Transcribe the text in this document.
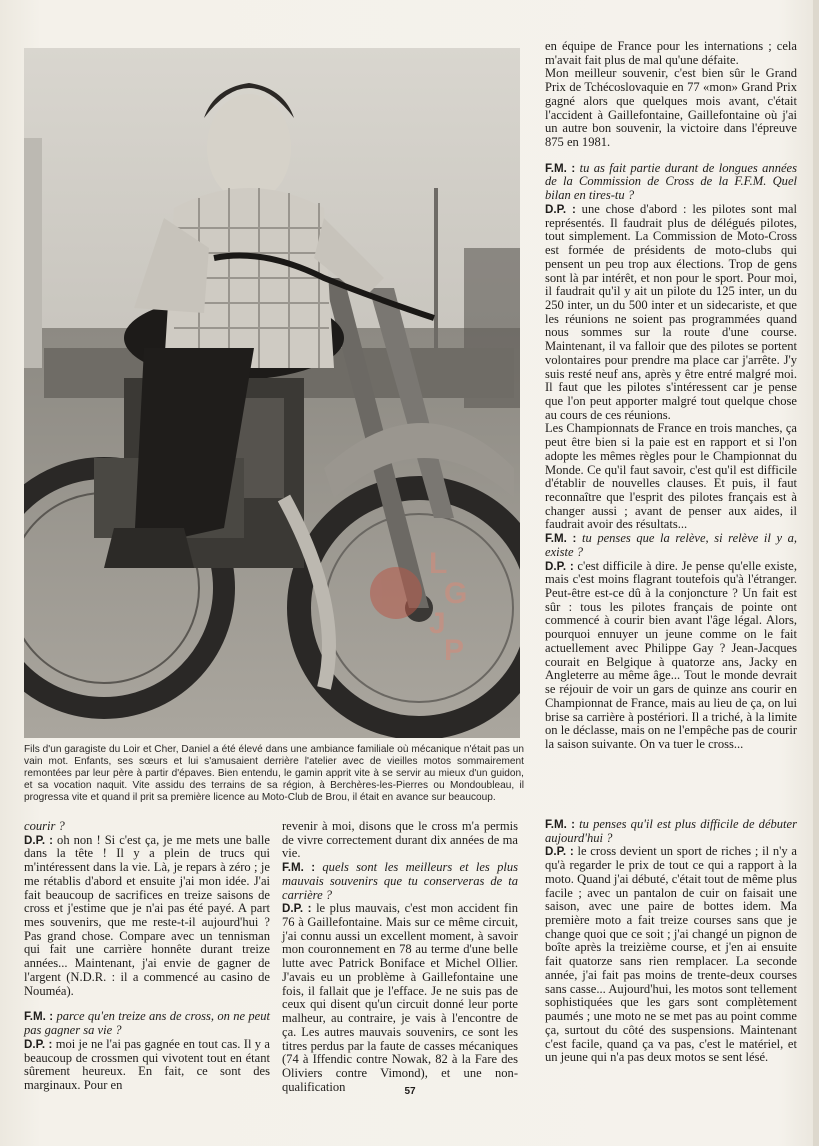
L
G
J
P
Fils d'un garagiste du Loir et Cher, Daniel a été élevé dans une ambiance familiale où mécanique n'était pas un vain mot. Enfants, ses sœurs et lui s'amusaient derrière l'atelier avec de vieilles motos sommairement remontées par leur père à partir d'épaves. Bien entendu, le gamin apprit vite à se servir au mieux d'un guidon, et sa vocation naquit. Vite assidu des terrains de sa région, à Berchères-les-Pierres ou Mondoubleau, il progressa vite et quand il prit sa première licence au Moto-Club de Brou, il était en avance sur beaucoup.

courir ?

D.P. : oh non ! Si c'est ça, je me mets une balle dans la tête ! Il y a plein de trucs qui m'intéressent dans la vie. Là, je repars à zéro ; je me rétablis d'abord et ensuite j'ai mon idée. J'ai fait beaucoup de sacrifices en treize saisons de cross et j'estime que je n'ai pas été payé. A part mes souvenirs, que me reste-t-il aujourd'hui ? Pas grand chose. Compare avec un tennisman qui fait une carrière honnête durant treize années... Maintenant, j'ai envie de gagner de l'argent (N.D.R. : il a commencé au casino de Nouméa).

F.M. : parce qu'en treize ans de cross, on ne peut pas gagner sa vie ?

D.P. : moi je ne l'ai pas gagnée en tout cas. Il y a beaucoup de crossmen qui vivotent tout en étant sûrement heureux. En fait, ce sont des marginaux. Pour en

revenir à moi, disons que le cross m'a permis de vivre correctement durant dix années de ma vie.

F.M. : quels sont les meilleurs et les plus mauvais souvenirs que tu conserveras de ta carrière ?

D.P. : le plus mauvais, c'est mon accident fin 76 à Gaillefontaine. Mais sur ce même circuit, j'ai connu aussi un excellent moment, à savoir mon couronnement en 78 au terme d'une belle lutte avec Patrick Boniface et Michel Ollier. J'avais eu un problème à Gaillefontaine une fois, il fallait que je l'efface. Je ne suis pas de ceux qui disent qu'un circuit donné leur porte malheur, au contraire, je vais à l'encontre de ça. Les autres mauvais souvenirs, ce sont les titres perdus par la faute de casses mécaniques (74 à Iffendic contre Nowak, 82 à la Fare des Oliviers contre Vimond), et une non-qualification

en équipe de France pour les internations ; cela m'avait fait plus de mal qu'une défaite.

Mon meilleur souvenir, c'est bien sûr le Grand Prix de Tchécoslovaquie en 77 «mon» Grand Prix gagné alors que quelques mois avant, c'était l'accident à Gaillefontaine, Gaillefontaine où j'ai un autre bon souvenir, la victoire dans l'épreuve 875 en 1981.

F.M. : tu as fait partie durant de longues années de la Commission de Cross de la F.F.M. Quel bilan en tires-tu ?

D.P. : une chose d'abord : les pilotes sont mal représentés. Il faudrait plus de délégués pilotes, tout simplement. La Commission de Moto-Cross est formée de présidents de moto-clubs qui pensent un peu trop aux élections. Trop de gens sont là par intérêt, et non pour le sport. Pour moi, il faudrait qu'il y ait un pilote du 125 inter, un du 250 inter, un du 500 inter et un sidecariste, et que les réunions ne soient pas programmées quand nous sommes sur la route d'une course. Maintenant, il va falloir que des pilotes se portent volontaires pour prendre ma place car j'arrête. J'y suis resté neuf ans, après y être entré malgré moi. Il faut que les pilotes s'intéressent car je pense que l'on peut apporter malgré tout quelque chose au cours de ces réunions.

Les Championnats de France en trois manches, ça peut être bien si la paie est en rapport et si l'on adopte les mêmes règles pour le Championnat du Monde. Ce qu'il faut savoir, c'est qu'il est difficile d'établir de nouvelles clauses. Et puis, il faut reconnaître que l'esprit des pilotes français est à changer aussi ; avant de penser aux aides, il faudrait avoir des résultats...

F.M. : tu penses que la relève, si relève il y a, existe ?

D.P. : c'est difficile à dire. Je pense qu'elle existe, mais c'est moins flagrant toutefois qu'à l'étranger. Peut-être est-ce dû à la conjoncture ? Un fait est sûr : tous les pilotes français de pointe ont commencé à courir bien avant l'âge légal. Alors, pourquoi ennuyer un jeune comme on le fait actuellement avec Philippe Gay ? Jean-Jacques courait en Belgique à quatorze ans, Jacky en Angleterre au même âge... Tout le monde devrait se réjouir de voir un gars de quinze ans courir en Championnat de France, mais au lieu de ça, on lui brise sa carrière à postériori. Il a triché, à la limite on le déclasse, mais on ne l'empêche pas de courir la saison suivante. On va tuer le cross...

F.M. : tu penses qu'il est plus difficile de débuter aujourd'hui ?

D.P. : le cross devient un sport de riches ; il n'y a qu'à regarder le prix de tout ce qui a rapport à la moto. Quand j'ai débuté, c'était tout de même plus facile ; avec un pantalon de cuir on faisait une saison, avec une paire de bottes idem. Ma première moto a fait treize courses sans que je change quoi que ce soit ; j'ai changé un pignon de boîte après la treizième course, et j'en ai ensuite fait quatorze sans rien remplacer. La seconde année, j'ai fait pas moins de trente-deux courses sans casse... Aujourd'hui, les motos sont tellement sophistiquées que les gars sont complètement paumés ; une moto ne se met pas au point comme ça, surtout du côté des suspensions. Maintenant c'est facile, quand ça va pas, c'est le matériel, et un jeune qui n'a pas deux motos se sent lésé.

57
